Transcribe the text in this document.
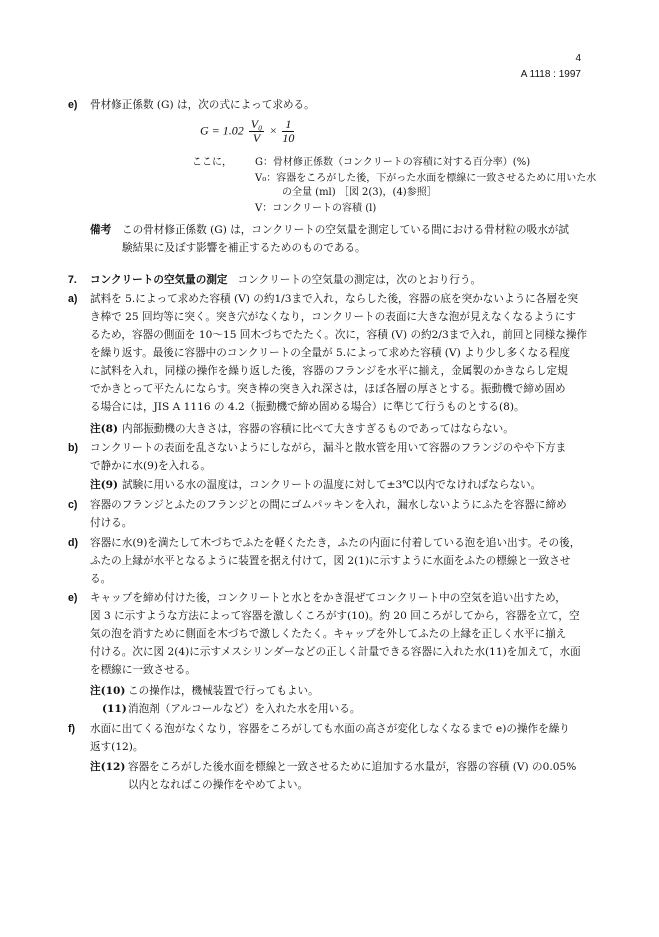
4
A 1118 : 1997
e) 骨材修正係数 (G) は，次の式によって求める。
$G = 1.02 \frac{\text{V₀}}{V} \times \frac{1}{10}$
ここに， G：骨材修正係数（コンクリートの容積に対する百分率）(%)
V₀：容器をころがした後，下がった水面を標線に一致させるために用いた水
の全量 (ml) ［図 2(3)，(4)参照］
V：コンクリートの容積 (l)
備考 この骨材修正係数 (G) は，コンクリートの空気量を測定している間における骨材粒の吸水が試
験結果に及ぼす影響を補正するためのものである。
7. コンクリートの空気量の測定 コンクリートの空気量の測定は，次のとおり行う。
a) 試料を 5.によって求めた容積 (V) の約1/3まで入れ，ならした後，容器の底を突かないように各層を突

き棒で 25 回均等に突く。突き穴がなくなり，コンクリートの表面に大きな泡が見えなくなるようにす

るため，容器の側面を 10～15 回木づちでたたく。次に，容積 (V) の約2/3まで入れ，前回と同様な操作

を繰り返す。最後に容器中のコンクリートの全量が 5.によって求めた容積 (V) より少し多くなる程度

に試料を入れ，同様の操作を繰り返した後，容器のフランジを水平に揃え，金属製のかきならし定規

でかきとって平たんにならす。突き棒の突き入れ深さは，ほぼ各層の厚さとする。振動機で締め固め

る場合には，JIS A 1116 の 4.2（振動機で締め固める場合）に準じて行うものとする(8)。

注(8) 内部振動機の大きさは，容器の容積に比べて大きすぎるものであってはならない。
b) コンクリートの表面を乱さないようにしながら，漏斗と散水管を用いて容器のフランジのやや下方ま

で静かに水(9)を入れる。

注(9) 試験に用いる水の温度は，コンクリートの温度に対して±3℃以内でなければならない。
c) 容器のフランジとふたのフランジとの間にゴムパッキンを入れ，漏水しないようにふたを容器に締め

付ける。

d) 容器に水(9)を満たして木づちでふたを軽くたたき，ふたの内面に付着している泡を追い出す。その後，

ふたの上縁が水平となるように装置を据え付けて，図 2(1)に示すように水面をふたの標線と一致させ

る。

e) キャップを締め付けた後，コンクリートと水とをかき混ぜてコンクリート中の空気を追い出すため，

図 3 に示すような方法によって容器を激しくころがす(10)。約 20 回ころがしてから，容器を立て，空

気の泡を消すために側面を木づちで激しくたたく。キャップを外してふたの上縁を正しく水平に揃え

付ける。次に図 2(4)に示すメスシリンダーなどの正しく計量できる容器に入れた水(11)を加えて，水面

を標線に一致させる。

注(10) この操作は，機械装置で行ってもよい。
(11) 消泡剤（アルコールなど）を入れた水を用いる。
f) 水面に出てくる泡がなくなり，容器をころがしても水面の高さが変化しなくなるまで e)の操作を繰り

返す(12)。

注(12) 容器をころがした後水面を標線と一致させるために追加する水量が，容器の容積 (V) の0.05%
以内となればこの操作をやめてよい。
